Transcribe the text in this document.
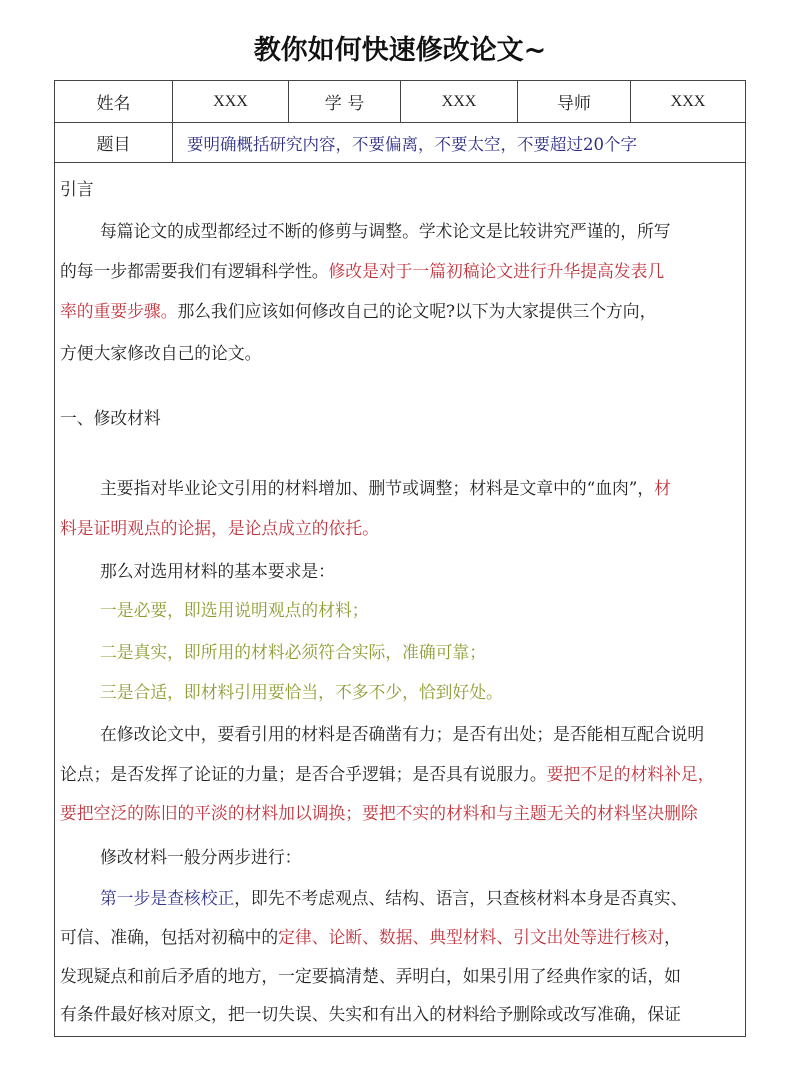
教你如何快速修改论文~
姓名	XXX	学 号	XXX	导师	XXX
题目	要明确概括研究内容，不要偏离，不要太空，不要超过20个字
引言
每篇论文的成型都经过不断的修剪与调整。学术论文是比较讲究严谨的，所写
的每一步都需要我们有逻辑科学性。修改是对于一篇初稿论文进行升华提高发表几
率的重要步骤。那么我们应该如何修改自己的论文呢?以下为大家提供三个方向，
方便大家修改自己的论文。
一、修改材料
主要指对毕业论文引用的材料增加、删节或调整；材料是文章中的“血肉”，材
料是证明观点的论据，是论点成立的依托。
那么对选用材料的基本要求是：
一是必要，即选用说明观点的材料；
二是真实，即所用的材料必须符合实际，准确可靠；
三是合适，即材料引用要恰当，不多不少，恰到好处。
在修改论文中，要看引用的材料是否确凿有力；是否有出处；是否能相互配合说明
论点；是否发挥了论证的力量；是否合乎逻辑；是否具有说服力。要把不足的材料补足，
要把空泛的陈旧的平淡的材料加以调换；要把不实的材料和与主题无关的材料坚决删除
修改材料一般分两步进行：
第一步是查核校正，即先不考虑观点、结构、语言，只查核材料本身是否真实、
可信、准确，包括对初稿中的定律、论断、数据、典型材料、引文出处等进行核对，
发现疑点和前后矛盾的地方，一定要搞清楚、弄明白，如果引用了经典作家的话，如
有条件最好核对原文，把一切失误、失实和有出入的材料给予删除或改写准确，保证
